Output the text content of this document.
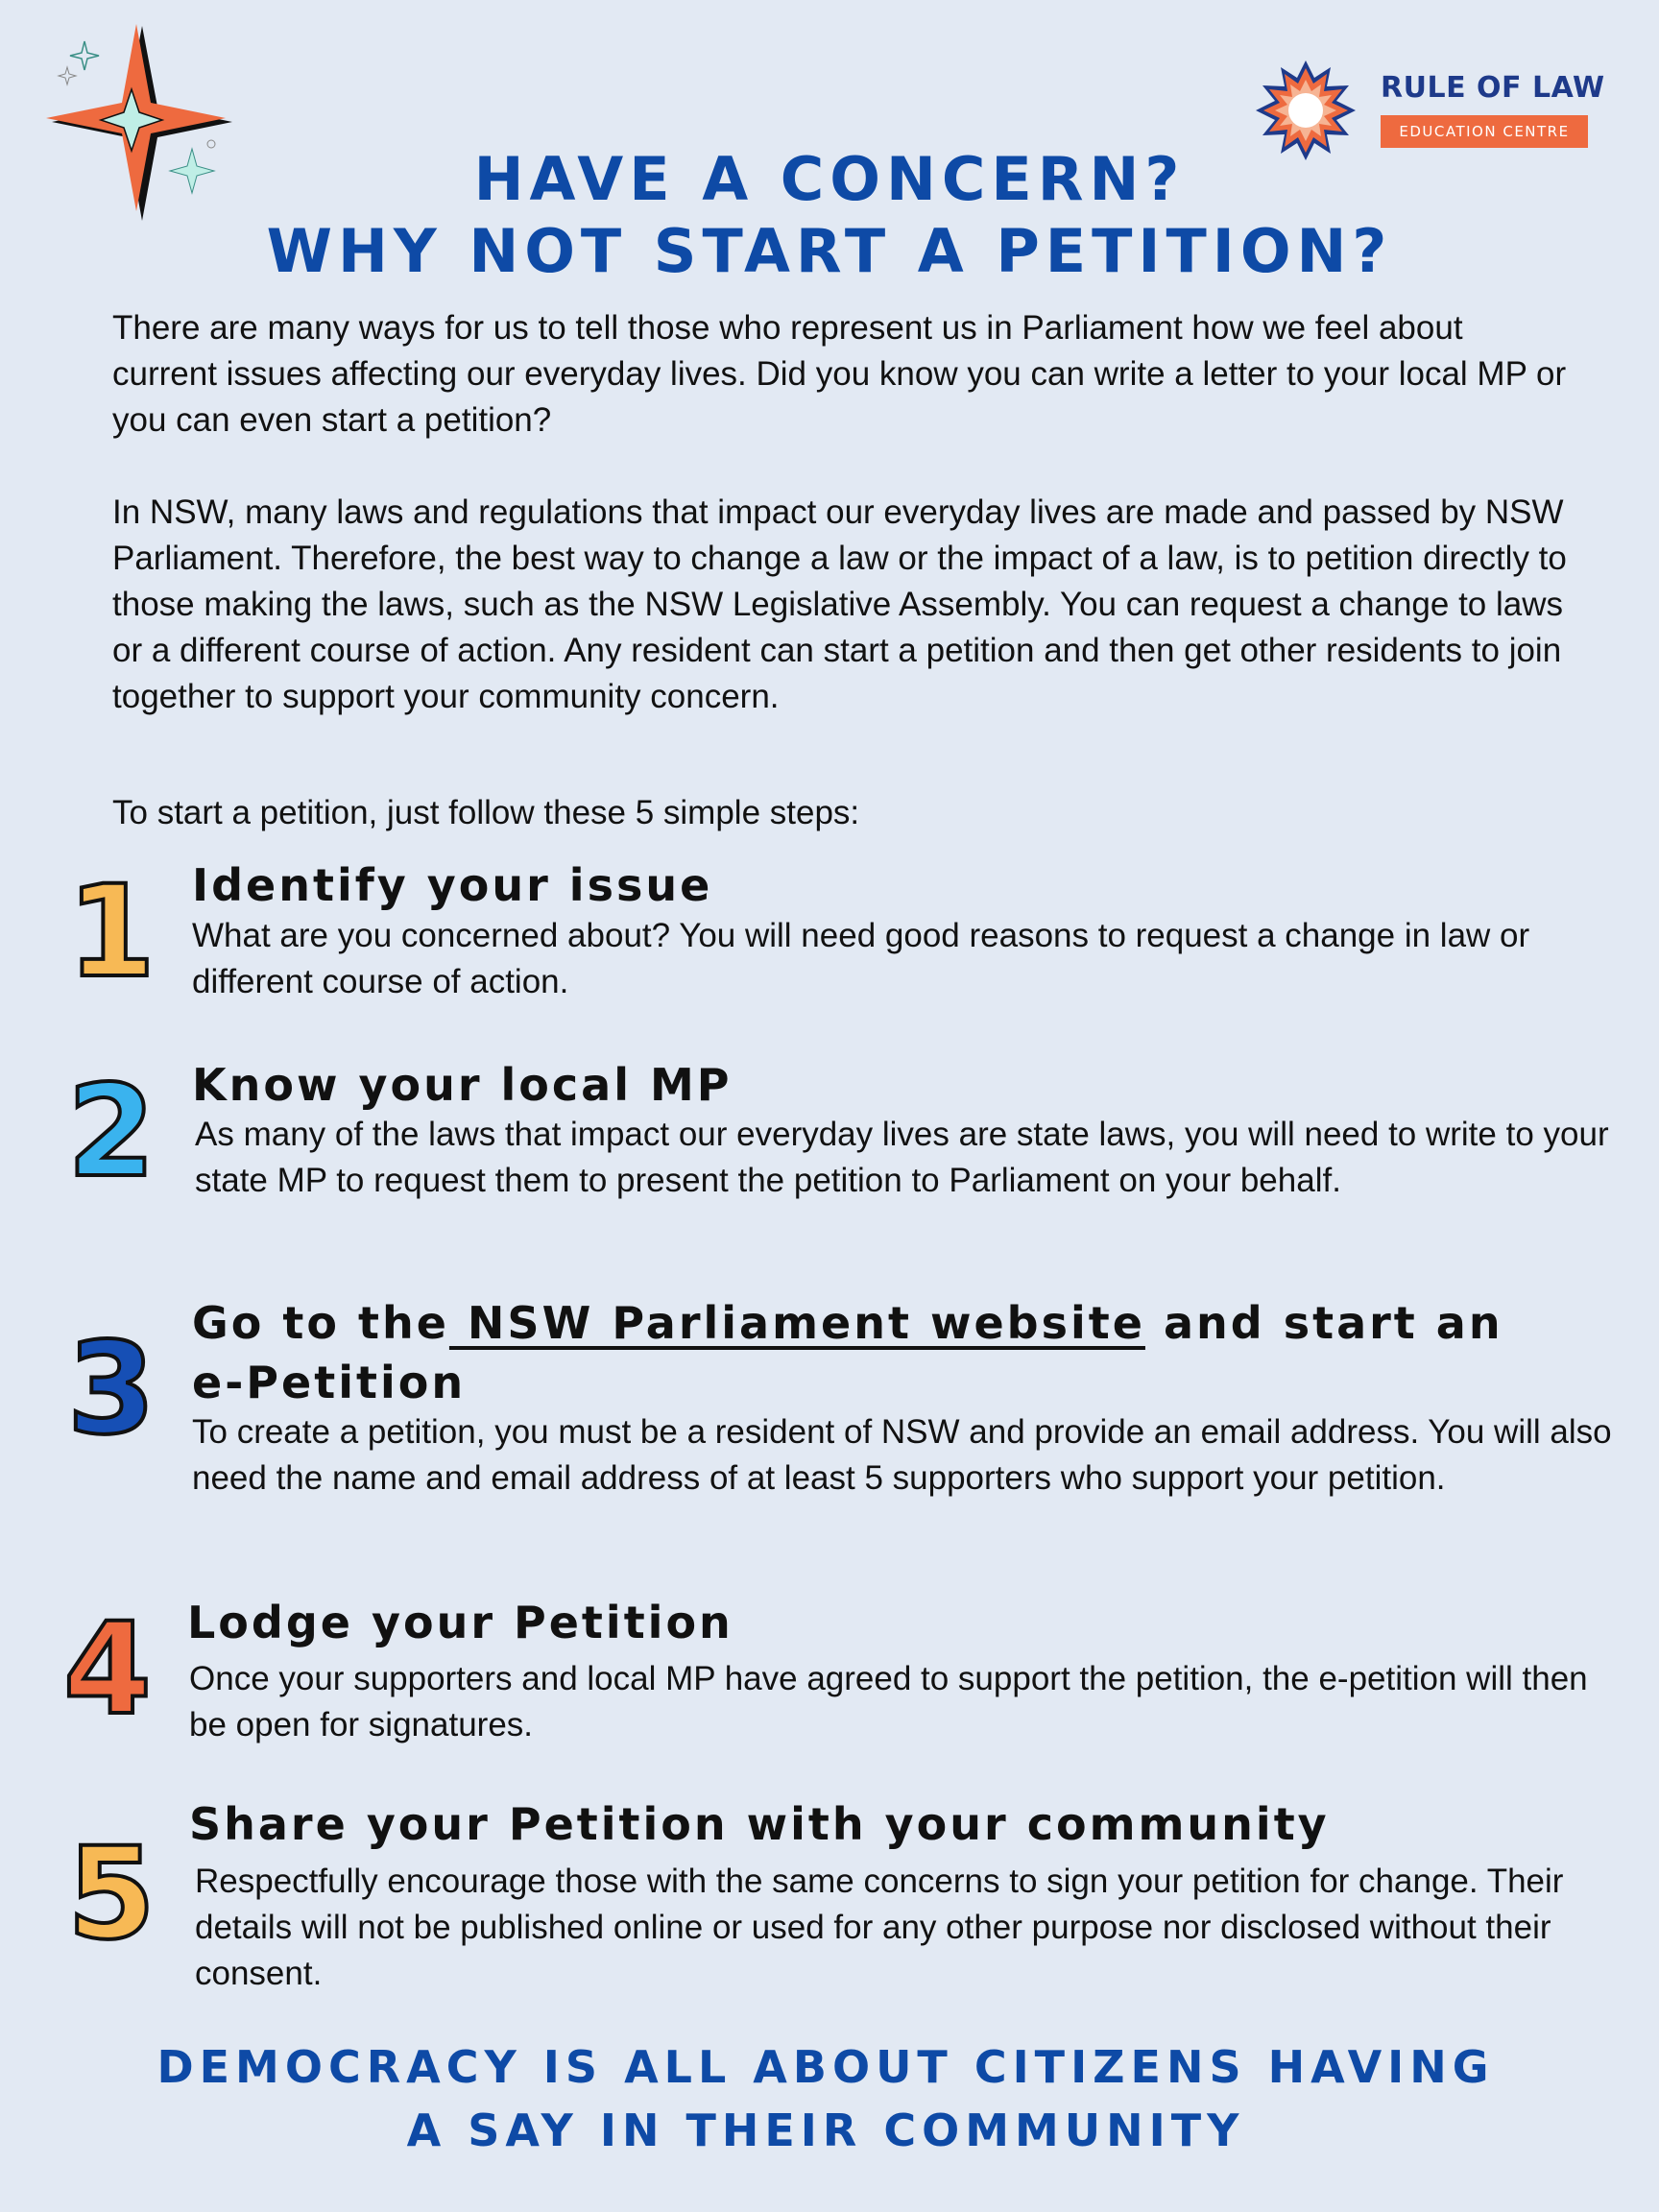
RULE OF LAW
EDUCATION CENTRE
HAVE A CONCERN?
WHY NOT START A PETITION?
There are many ways for us to tell those who represent us in Parliament how we feel about current issues affecting our everyday lives. Did you know you can write a letter to your local MP or you can even start a petition?
In NSW, many laws and regulations that impact our everyday lives are made and passed by NSW Parliament. Therefore, the best way to change a law or the impact of a law, is to petition directly to those making the laws, such as the NSW Legislative Assembly. You can request a change to laws or a different course of action. Any resident can start a petition and then get other residents to join together to support your community concern.
To start a petition, just follow these 5 simple steps:
1 Identify your issue
What are you concerned about? You will need good reasons to request a change in law or different course of action.
2 Know your local MP
As many of the laws that impact our everyday lives are state laws, you will need to write to your state MP to request them to present the petition to Parliament on your behalf.
3 Go to the NSW Parliament website and start an
e-Petition
To create a petition, you must be a resident of NSW and provide an email address. You will also need the name and email address of at least 5 supporters who support your petition.
4 Lodge your Petition
Once your supporters and local MP have agreed to support the petition, the e-petition will then be open for signatures.
5 Share your Petition with your community
Respectfully encourage those with the same concerns to sign your petition for change. Their details will not be published online or used for any other purpose nor disclosed without their consent.
DEMOCRACY IS ALL ABOUT CITIZENS HAVING
A SAY IN THEIR COMMUNITY
